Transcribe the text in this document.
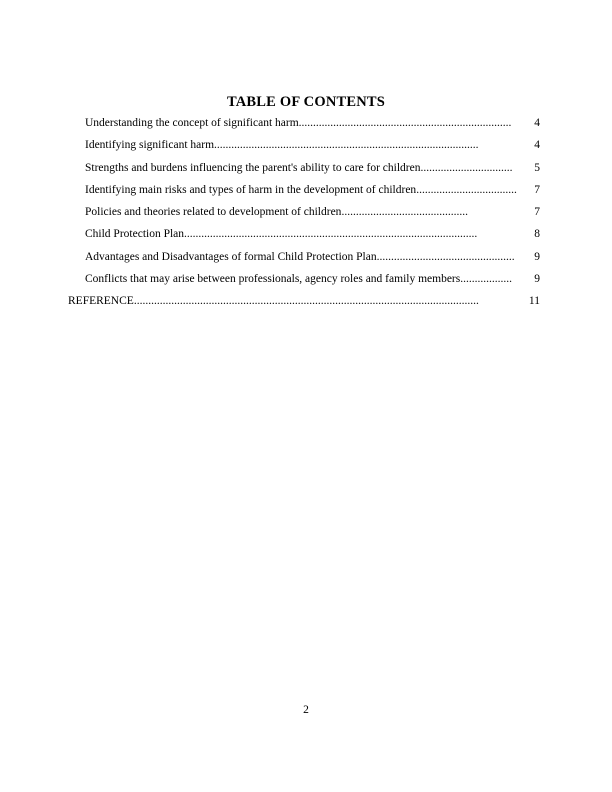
TABLE OF CONTENTS
Understanding the concept of significant harm ..........................................................................	4
Identifying significant harm ............................................................................................	4
Strengths and burdens influencing the parent's ability to care for children ................................	5
Identifying main risks and types of harm in the development of children ...................................	7
Policies and theories related to development of children ............................................	7
Child Protection Plan ......................................................................................................	8
Advantages and Disadvantages of formal Child Protection Plan ................................................	9
Conflicts that may arise between professionals, agency roles and family members ..................	9
REFERENCE ........................................................................................................................	11
2
